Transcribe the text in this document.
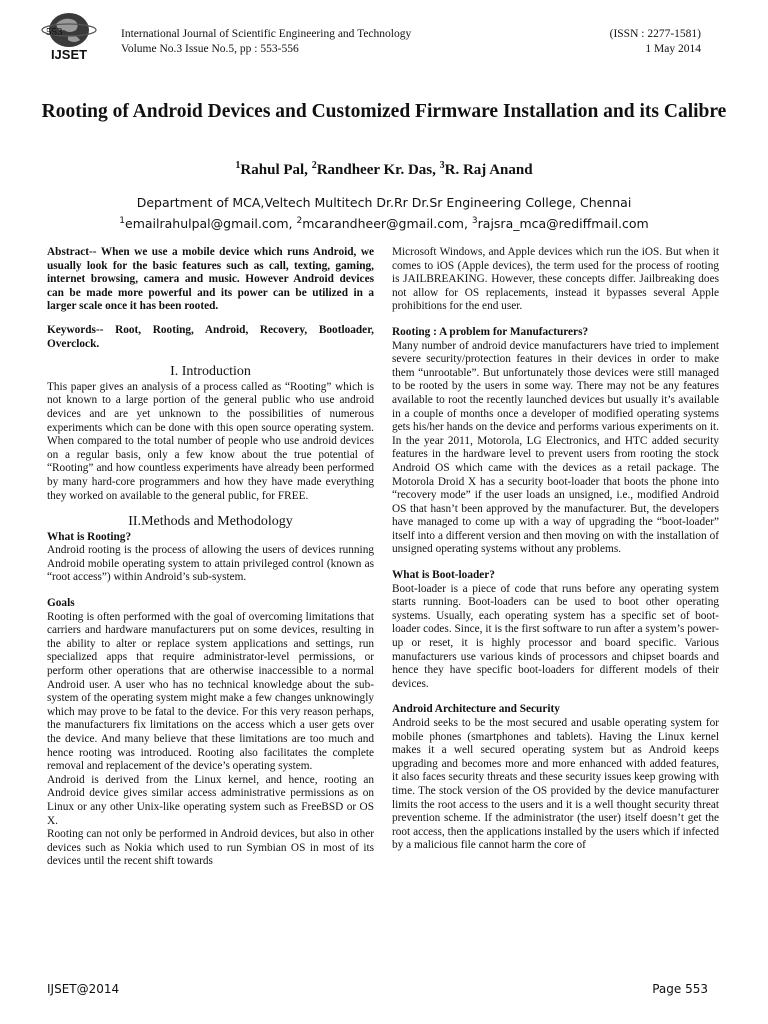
IJSET
553	International Journal of Scientific Engineering and Technology
Volume No.3 Issue No.5, pp : 553-556
(ISSN : 2277-1581)
1 May 2014
Rooting of Android Devices and Customized Firmware Installation and its Calibre
$^1$Rahul Pal, $^2$Randheer Kr. Das, $^3$R. Raj Anand
Department of MCA,Veltech Multitech Dr.Rr Dr.Sr Engineering College, Chennai
$^1$emailrahulpal@gmail.com, $^2$mcarandheer@gmail.com, $^3$rajsra_mca@rediffmail.com

Abstract-- When we use a mobile device which runs Android, we usually look for the basic features such as call, texting, gaming, internet browsing, camera and music. However Android devices can be made more powerful and its power can be utilized in a larger scale once it has been rooted.

Keywords-- Root, Rooting, Android, Recovery, Bootloader, Overclock.

I. Introduction

This paper gives an analysis of a process called as “Rooting” which is not known to a large portion of the general public who use android devices and are yet unknown to the possibilities of numerous experiments which can be done with this open source operating system. When compared to the total number of people who use android devices on a regular basis, only a few know about the true potential of “Rooting” and how countless experiments have already been performed by many hard-core programmers and how they have made everything they worked on available to the general public, for FREE.

II.Methods and Methodology

What is Rooting?

Android rooting is the process of allowing the users of devices running Android mobile operating system to attain privileged control (known as “root access”) within Android’s sub-system.

Goals

Rooting is often performed with the goal of overcoming limitations that carriers and hardware manufacturers put on some devices, resulting in the ability to alter or replace system applications and settings, run specialized apps that require administrator-level permissions, or perform other operations that are otherwise inaccessible to a normal Android user. A user who has no technical knowledge about the sub-system of the operating system might make a few changes unknowingly which may prove to be fatal to the device. For this very reason perhaps, the manufacturers fix limitations on the access which a user gets over the device. And many believe that these limitations are too much and hence rooting was introduced. Rooting also facilitates the complete removal and replacement of the device’s operating system.

Android is derived from the Linux kernel, and hence, rooting an Android device gives similar access administrative permissions as on Linux or any other Unix-like operating system such as FreeBSD or OS X.

Rooting can not only be performed in Android devices, but also in other devices such as Nokia which used to run Symbian OS in most of its devices until the recent shift towards

Microsoft Windows, and Apple devices which run the iOS. But when it comes to iOS (Apple devices), the term used for the process of rooting is JAILBREAKING. However, these concepts differ. Jailbreaking does not allow for OS replacements, instead it bypasses several Apple prohibitions for the end user.

Rooting : A problem for Manufacturers?

Many number of android device manufacturers have tried to implement severe security/protection features in their devices in order to make them “unrootable”. But unfortunately those devices were still managed to be rooted by the users in some way. There may not be any features available to root the recently launched devices but usually it’s available in a couple of months once a developer of modified operating systems gets his/her hands on the device and performs various experiments on it. In the year 2011, Motorola, LG Electronics, and HTC added security features in the hardware level to prevent users from rooting the stock Android OS which came with the devices as a retail package. The Motorola Droid X has a security boot-loader that boots the phone into “recovery mode” if the user loads an unsigned, i.e., modified Android OS that hasn’t been approved by the manufacturer. But, the developers have managed to come up with a way of upgrading the “boot-loader” itself into a different version and then moving on with the installation of unsigned operating systems without any problems.

What is Boot-loader?

Boot-loader is a piece of code that runs before any operating system starts running. Boot-loaders can be used to boot other operating systems. Usually, each operating system has a specific set of boot-loader codes. Since, it is the first software to run after a system’s power-up or reset, it is highly processor and board specific. Various manufacturers use various kinds of processors and chipset boards and hence they have specific boot-loaders for different models of their devices.

Android Architecture and Security

Android seeks to be the most secured and usable operating system for mobile phones (smartphones and tablets). Having the Linux kernel makes it a well secured operating system but as Android keeps upgrading and becomes more and more enhanced with added features, it also faces security threats and these security issues keep growing with time. The stock version of the OS provided by the device manufacturer limits the root access to the users and it is a well thought security threat prevention scheme. If the administrator (the user) itself doesn’t get the root access, then the applications installed by the users which if infected by a malicious file cannot harm the core of

IJSET@2014	Page 553
